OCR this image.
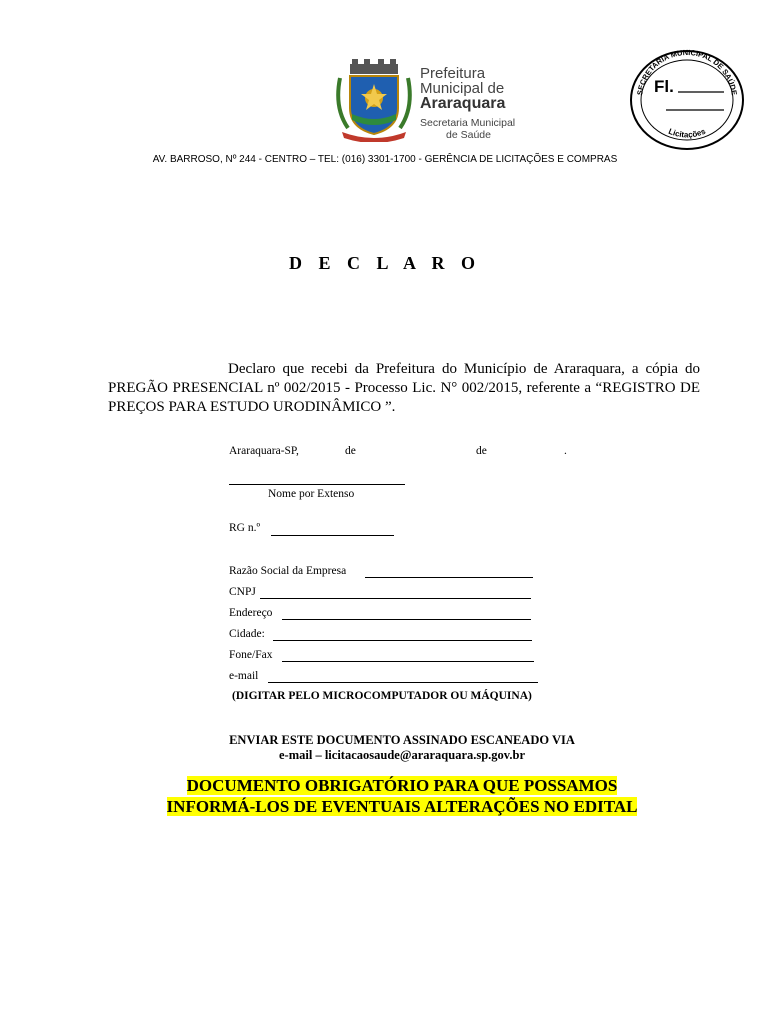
Prefeitura
Municipal de
Araraquara
Secretaria Municipal
de Saúde
SECRETARIA MUNICIPAL DE SAÚDE
Licitações
Fl.
AV. BARROSO, Nº 244 - CENTRO – TEL: (016) 3301-1700 - GERÊNCIA DE LICITAÇÕES E COMPRAS
D E C L A R O
Declaro que recebi da Prefeitura do Município de Araraquara, a cópia do PREGÃO PRESENCIAL nº 002/2015 - Processo Lic. N° 002/2015, referente a “REGISTRO DE PREÇOS PARA ESTUDO URODINÂMICO ”.
Araraquara-SP,	de	de	.
Nome por Extenso
RG n.º
Razão Social da Empresa
CNPJ
Endereço
Cidade:
Fone/Fax
e-mail
(DIGITAR PELO MICROCOMPUTADOR OU MÁQUINA)
ENVIAR ESTE DOCUMENTO ASSINADO ESCANEADO VIA
e-mail – licitacaosaude@araraquara.sp.gov.br
DOCUMENTO OBRIGATÓRIO PARA QUE POSSAMOS
INFORMÁ-LOS DE EVENTUAIS ALTERAÇÕES NO EDITAL
